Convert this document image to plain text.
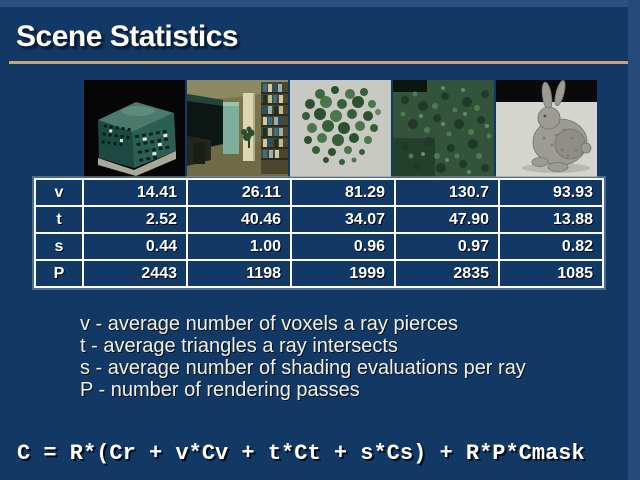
Scene Statistics
v	14.41	26.11	81.29	130.7	93.93
t	2.52	40.46	34.07	47.90	13.88
s	0.44	1.00	0.96	0.97	0.82
P	2443	1198	1999	2835	1085
v - average number of voxels a ray pierces
t - average triangles a ray intersects
s - average number of shading evaluations per ray
P - number of rendering passes
C = R*(Cr + v*Cv + t*Ct + s*Cs) + R*P*Cmask
